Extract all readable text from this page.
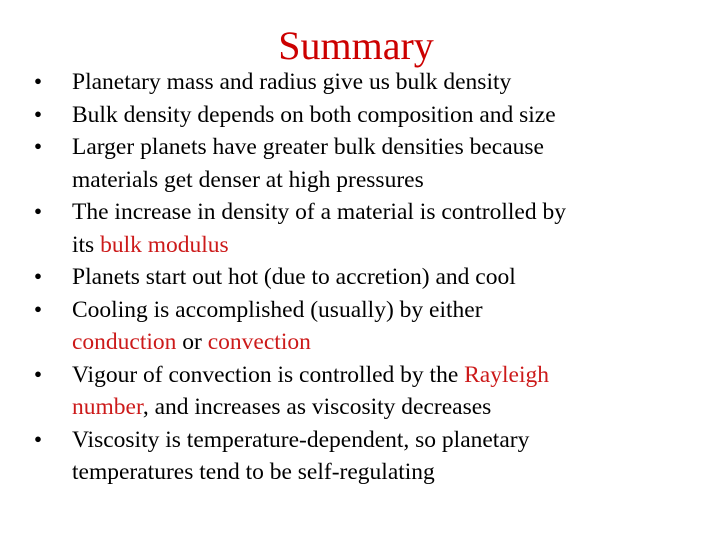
Summary
• Planetary mass and radius give us bulk density
• Bulk density depends on both composition and size
• Larger planets have greater bulk densities because
materials get denser at high pressures
• The increase in density of a material is controlled by
its bulk modulus
• Planets start out hot (due to accretion) and cool
• Cooling is accomplished (usually) by either
conduction or convection
• Vigour of convection is controlled by the Rayleigh
number, and increases as viscosity decreases
• Viscosity is temperature-dependent, so planetary
temperatures tend to be self-regulating
